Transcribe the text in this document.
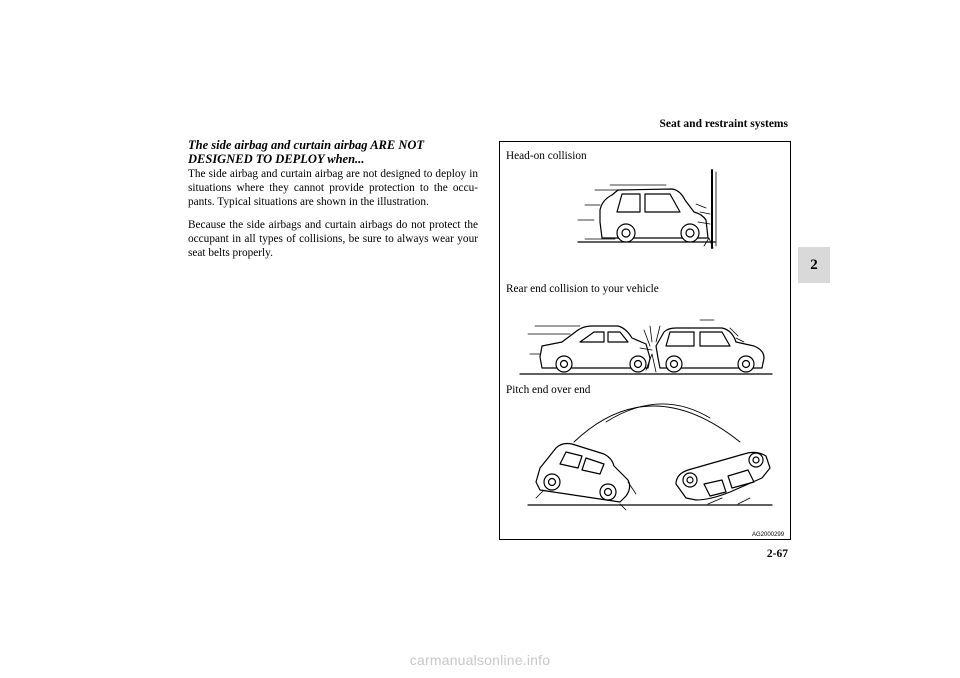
Seat and restraint systems
2
The side airbag and curtain airbag ARE NOT
DESIGNED TO DEPLOY when...

The side airbag and curtain airbag are not designed to deploy in situations where they cannot provide protection to the occu-pants. Typical situations are shown in the illustration.

Because the side airbags and curtain airbags do not protect the occupant in all types of collisions, be sure to always wear your seat belts properly.

Head-on collision
Rear end collision to your vehicle
Pitch end over end
AG2000299
2-67
carmanualsonline.info
